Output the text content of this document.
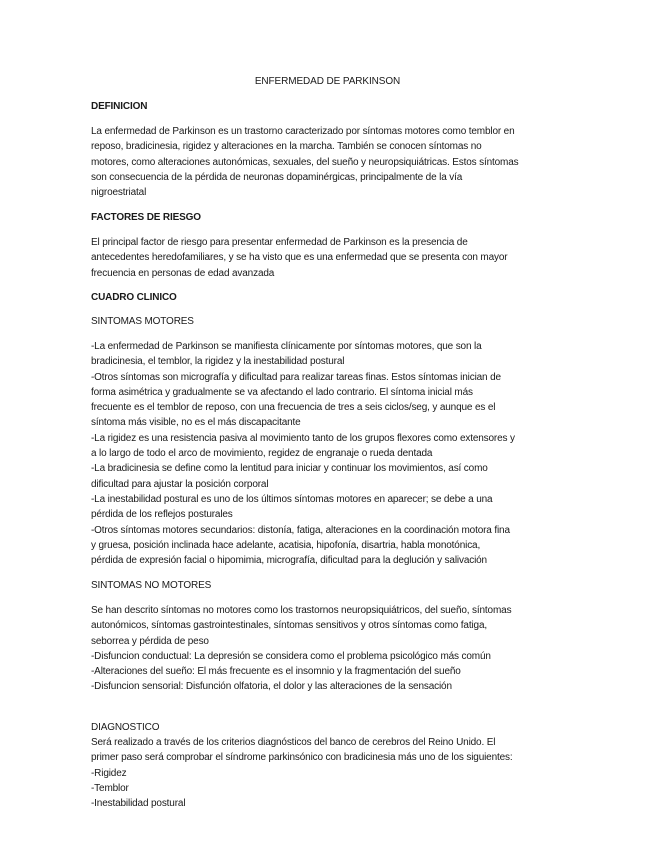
ENFERMEDAD DE PARKINSON
DEFINICION
La enfermedad de Parkinson es un trastorno caracterizado por síntomas motores como temblor en
reposo, bradicinesia, rigidez y alteraciones en la marcha. También se conocen síntomas no
motores, como alteraciones autonómicas, sexuales, del sueño y neuropsiquiátricas. Estos síntomas
son consecuencia de la pérdida de neuronas dopaminérgicas, principalmente de la vía
nigroestriatal
FACTORES DE RIESGO
El principal factor de riesgo para presentar enfermedad de Parkinson es la presencia de
antecedentes heredofamiliares, y se ha visto que es una enfermedad que se presenta con mayor
frecuencia en personas de edad avanzada
CUADRO CLINICO
SINTOMAS MOTORES
-La enfermedad de Parkinson se manifiesta clínicamente por síntomas motores, que son la
bradicinesia, el temblor, la rigidez y la inestabilidad postural
-Otros síntomas son micrografía y dificultad para realizar tareas finas. Estos síntomas inician de
forma asimétrica y gradualmente se va afectando el lado contrario. El síntoma inicial más
frecuente es el temblor de reposo, con una frecuencia de tres a seis ciclos/seg, y aunque es el
síntoma más visible, no es el más discapacitante
-La rigidez es una resistencia pasiva al movimiento tanto de los grupos flexores como extensores y
a lo largo de todo el arco de movimiento, regidez de engranaje o rueda dentada
-La bradicinesia se define como la lentitud para iniciar y continuar los movimientos, así como
dificultad para ajustar la posición corporal
-La inestabilidad postural es uno de los últimos síntomas motores en aparecer; se debe a una
pérdida de los reflejos posturales
-Otros síntomas motores secundarios: distonía, fatiga, alteraciones en la coordinación motora fina
y gruesa, posición inclinada hace adelante, acatisia, hipofonía, disartria, habla monotónica,
pérdida de expresión facial o hipomimia, micrografía, dificultad para la deglución y salivación
SINTOMAS NO MOTORES
Se han descrito síntomas no motores como los trastornos neuropsiquiátricos, del sueño, síntomas
autonómicos, síntomas gastrointestinales, síntomas sensitivos y otros síntomas como fatiga,
seborrea y pérdida de peso
-Disfuncion conductual: La depresión se considera como el problema psicológico más común
-Alteraciones del sueño: El más frecuente es el insomnio y la fragmentación del sueño
-Disfuncion sensorial: Disfunción olfatoria, el dolor y las alteraciones de la sensación
DIAGNOSTICO
Será realizado a través de los criterios diagnósticos del banco de cerebros del Reino Unido. El
primer paso será comprobar el síndrome parkinsónico con bradicinesia más uno de los siguientes:
-Rigidez
-Temblor
-Inestabilidad postural
